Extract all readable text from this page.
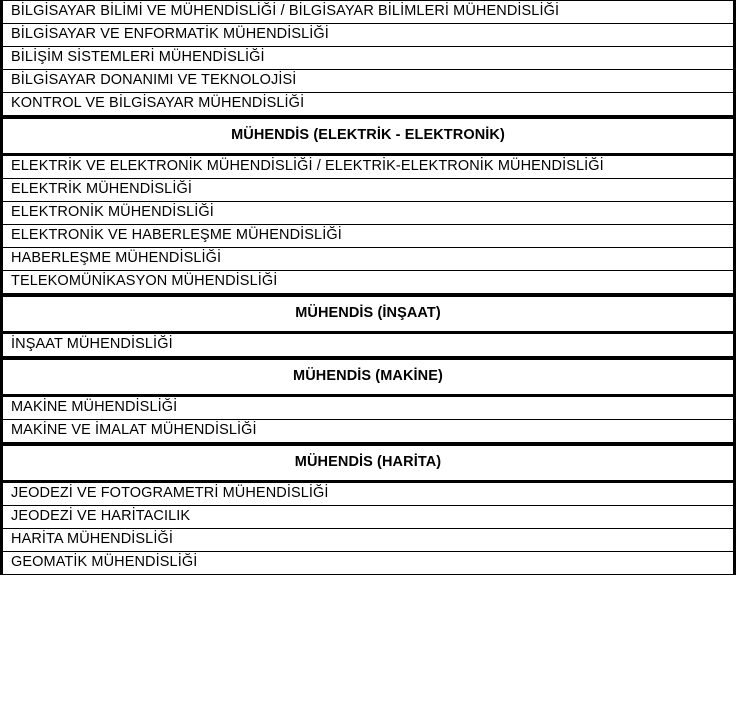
BİLGİSAYAR BİLİMİ VE MÜHENDİSLİĞİ / BİLGİSAYAR BİLİMLERİ MÜHENDİSLİĞİ
BİLGİSAYAR VE ENFORMATİK MÜHENDİSLİĞİ
BİLİŞİM SİSTEMLERİ MÜHENDİSLİĞİ
BİLGİSAYAR DONANIMI VE TEKNOLOJİSİ
KONTROL VE BİLGİSAYAR MÜHENDİSLİĞİ
MÜHENDİS (ELEKTRİK - ELEKTRONİK)
ELEKTRİK VE ELEKTRONİK MÜHENDİSLİĞİ / ELEKTRİK-ELEKTRONİK MÜHENDİSLİĞİ
ELEKTRİK MÜHENDİSLİĞİ
ELEKTRONİK MÜHENDİSLİĞİ
ELEKTRONİK VE HABERLEŞME MÜHENDİSLİĞİ
HABERLEŞME MÜHENDİSLİĞİ
TELEKOMÜNİKASYON MÜHENDİSLİĞİ
MÜHENDİS (İNŞAAT)
İNŞAAT MÜHENDİSLİĞİ
MÜHENDİS (MAKİNE)
MAKİNE MÜHENDİSLİĞİ
MAKİNE VE İMALAT MÜHENDİSLİĞİ
MÜHENDİS (HARİTA)
JEODEZİ VE FOTOGRAMETRİ MÜHENDİSLİĞİ
JEODEZİ VE HARİTACILIK
HARİTA MÜHENDİSLİĞİ
GEOMATİK MÜHENDİSLİĞİ
